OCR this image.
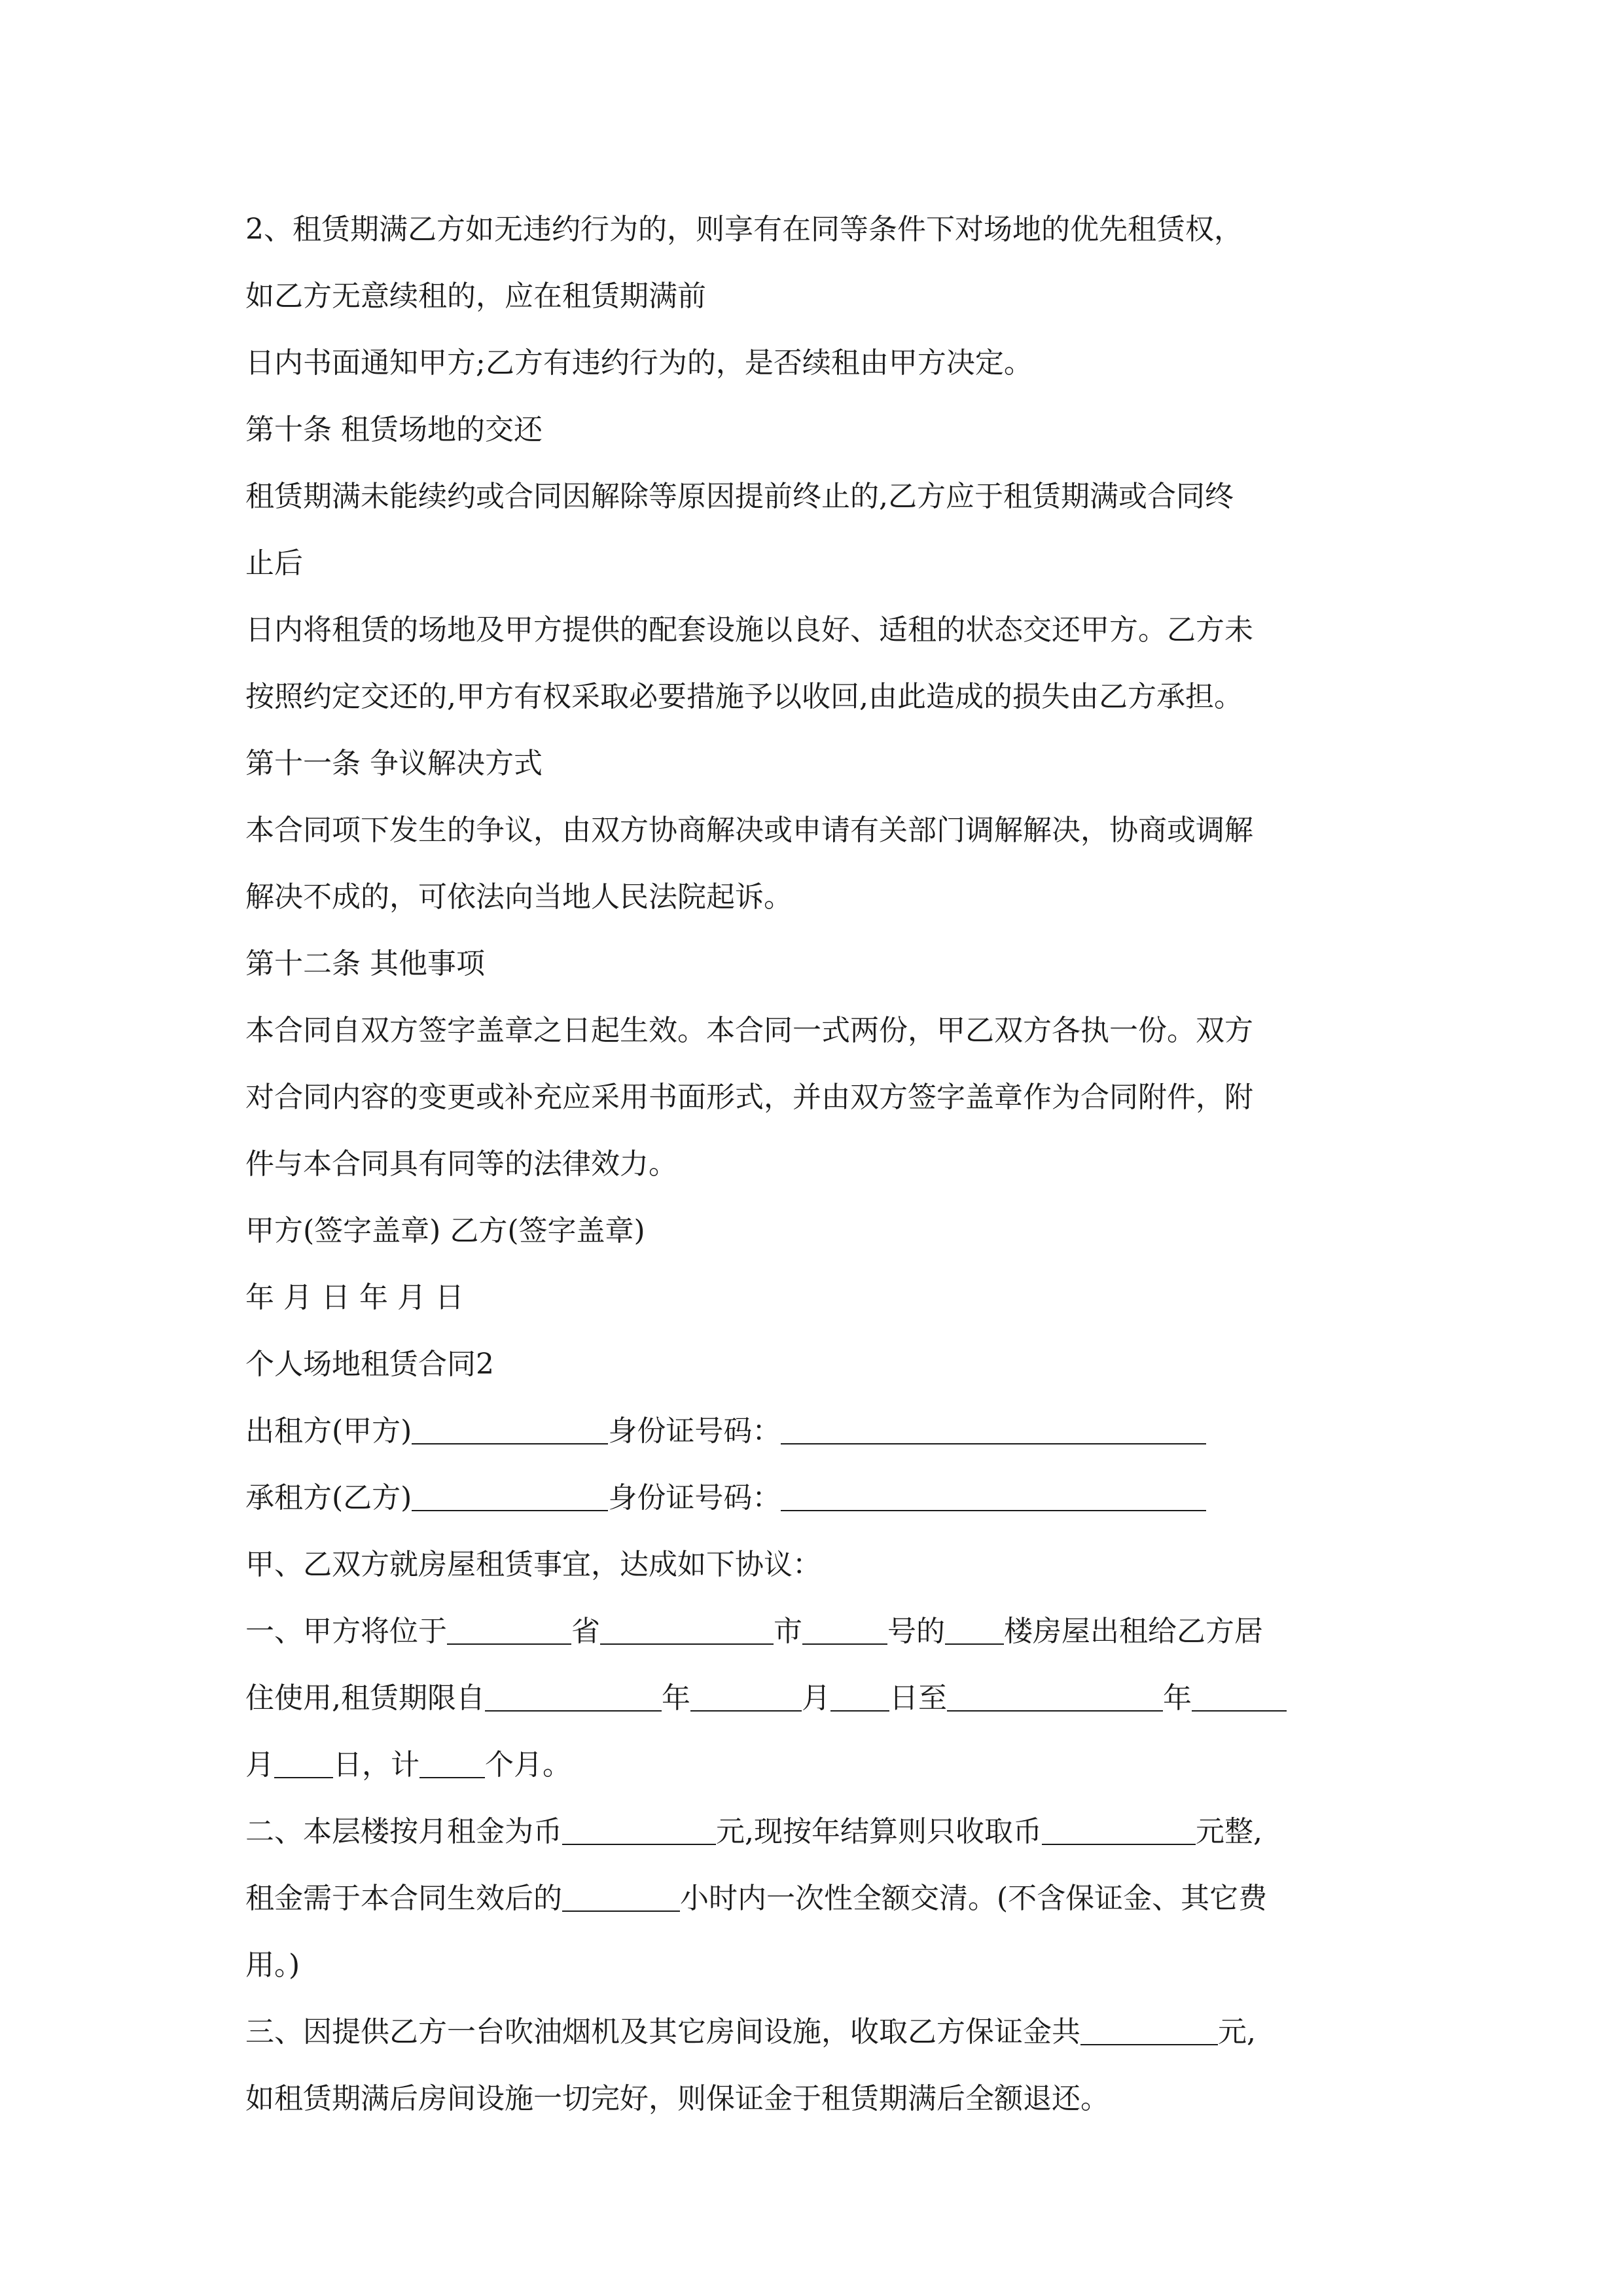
2、租赁期满乙方如无违约行为的，则享有在同等条件下对场地的优先租赁权，
如乙方无意续租的，应在租赁期满前
日内书面通知甲方;乙方有违约行为的，是否续租由甲方决定。
第十条 租赁场地的交还
租赁期满未能续约或合同因解除等原因提前终止的,乙方应于租赁期满或合同终
止后
日内将租赁的场地及甲方提供的配套设施以良好、适租的状态交还甲方。乙方未
按照约定交还的,甲方有权采取必要措施予以收回,由此造成的损失由乙方承担。
第十一条 争议解决方式
本合同项下发生的争议，由双方协商解决或申请有关部门调解解决，协商或调解
解决不成的，可依法向当地人民法院起诉。
第十二条 其他事项
本合同自双方签字盖章之日起生效。本合同一式两份，甲乙双方各执一份。双方
对合同内容的变更或补充应采用书面形式，并由双方签字盖章作为合同附件，附
件与本合同具有同等的法律效力。
甲方(签字盖章) 乙方(签字盖章)
年 月 日 年 月 日
个人场地租赁合同2
出租方(甲方)	身份证号码：
承租方(乙方)	身份证号码：
甲、乙双方就房屋租赁事宜，达成如下协议：
一、甲方将位于	省	市	号的 楼房屋出租给乙方居
住使用,租赁期限自	年	月 日至	年
月 日，计 个月。
二、本层楼按月租金为币	元,现按年结算则只收取币	元整,
租金需于本合同生效后的	小时内一次性全额交清。(不含保证金、其它费
用。)
三、因提供乙方一台吹油烟机及其它房间设施，收取乙方保证金共	元,
如租赁期满后房间设施一切完好，则保证金于租赁期满后全额退还。
